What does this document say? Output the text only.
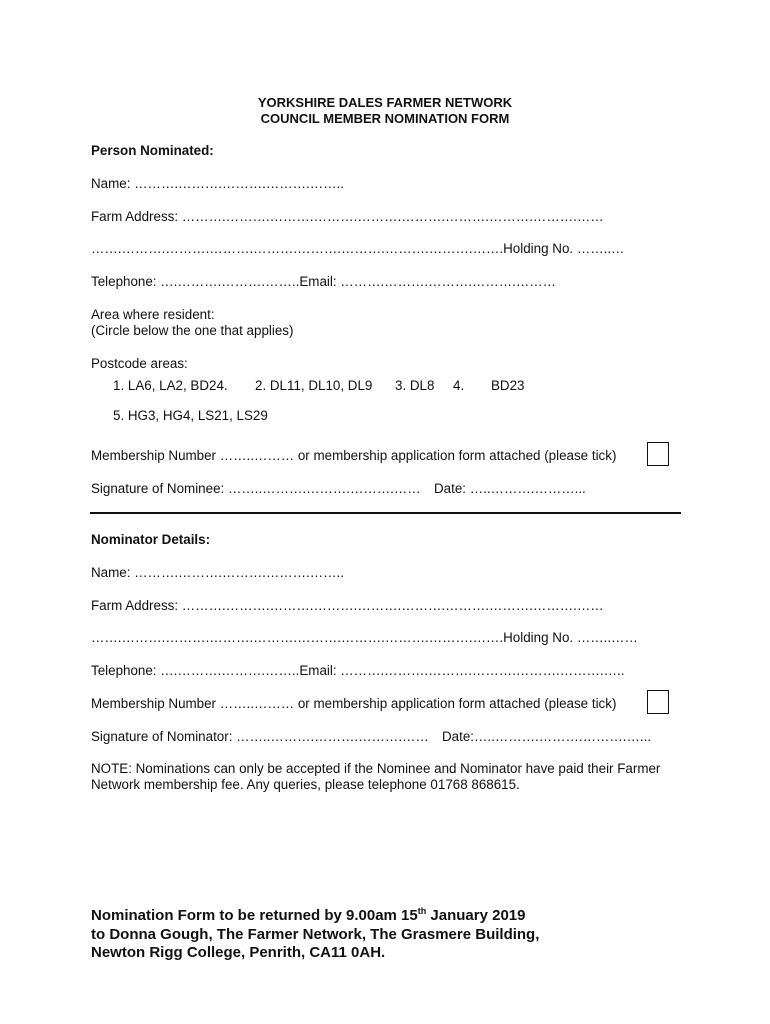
YORKSHIRE DALES FARMER NETWORK
COUNCIL MEMBER NOMINATION FORM
Person Nominated:
Name: ……….……….……….……….……..
Farm Address: ……….……….……….……….……….……….……….……….……….……
…….……….……….……….……….……….……….……….……….…….Holding No. ……..…
Telephone: ….……….……….……..Email: ……….……….……….……….………
Area where resident:
(Circle below the one that applies)
Postcode areas:
1. LA6, LA2, BD24. 2. DL11, DL10, DL9 3. DL8 4. BD23
5. HG3, HG4, LS21, LS29
Membership Number ……..……… or membership application form attached (please tick)
Signature of Nominee: ……..……….……….……….…… Date: …..……….………...
Nominator Details:
Name: ……….……….……….……….……..
Farm Address: ……….……….……….……….……….……….……….……….……….……
…….……….……….……….……….……….……….……….……….…….Holding No. ……..……
Telephone: ….……….……….……..Email: ……….……….……….……….……….……….…..
Membership Number ……..……… or membership application form attached (please tick)
Signature of Nominator: ……..……….……….……….…… Date:…..……….……….……….…...
NOTE: Nominations can only be accepted if the Nominee and Nominator have paid their Farmer
Network membership fee. Any queries, please telephone 01768 868615.
Nomination Form to be returned by 9.00am 15th January 2019
to Donna Gough, The Farmer Network, The Grasmere Building,
Newton Rigg College, Penrith, CA11 0AH.
